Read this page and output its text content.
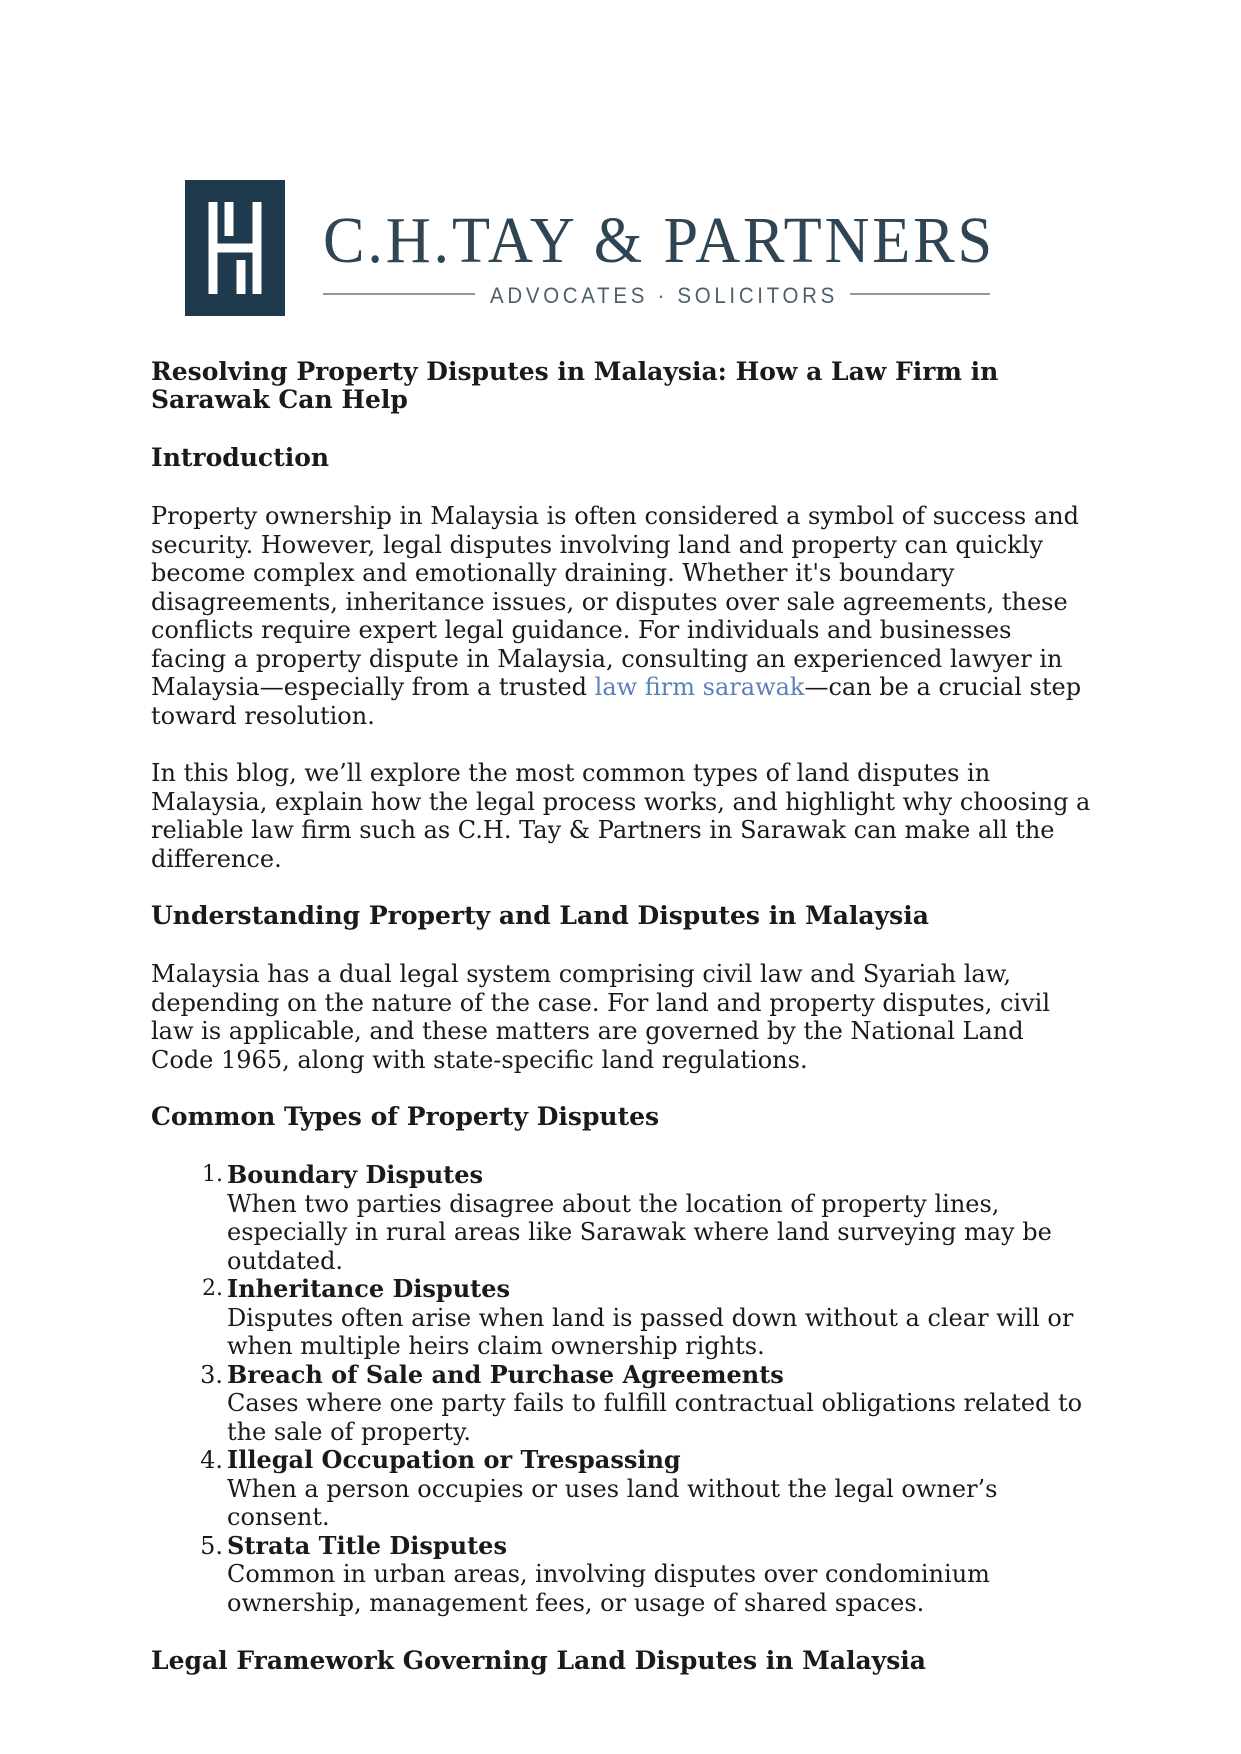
C.H.TAY & PARTNERS
ADVOCATES · SOLICITORS
Resolving Property Disputes in Malaysia: How a Law Firm in Sarawak Can Help
Introduction

Property ownership in Malaysia is often considered a symbol of success and security. However, legal disputes involving land and property can quickly become complex and emotionally draining. Whether it's boundary disagreements, inheritance issues, or disputes over sale agreements, these conflicts require expert legal guidance. For individuals and businesses facing a property dispute in Malaysia, consulting an experienced lawyer in Malaysia—especially from a trusted law firm sarawak—can be a crucial step toward resolution.

In this blog, we’ll explore the most common types of land disputes in Malaysia, explain how the legal process works, and highlight why choosing a reliable law firm such as C.H. Tay & Partners in Sarawak can make all the difference.

Understanding Property and Land Disputes in Malaysia

Malaysia has a dual legal system comprising civil law and Syariah law, depending on the nature of the case. For land and property disputes, civil law is applicable, and these matters are governed by the National Land Code 1965, along with state-specific land regulations.

Common Types of Property Disputes
1. Boundary Disputes
When two parties disagree about the location of property lines, especially in rural areas like Sarawak where land surveying may be outdated.
2. Inheritance Disputes
Disputes often arise when land is passed down without a clear will or when multiple heirs claim ownership rights.
3. Breach of Sale and Purchase Agreements
Cases where one party fails to fulfill contractual obligations related to the sale of property.
4. Illegal Occupation or Trespassing
When a person occupies or uses land without the legal owner’s consent.
5. Strata Title Disputes
Common in urban areas, involving disputes over condominium ownership, management fees, or usage of shared spaces.
Legal Framework Governing Land Disputes in Malaysia
